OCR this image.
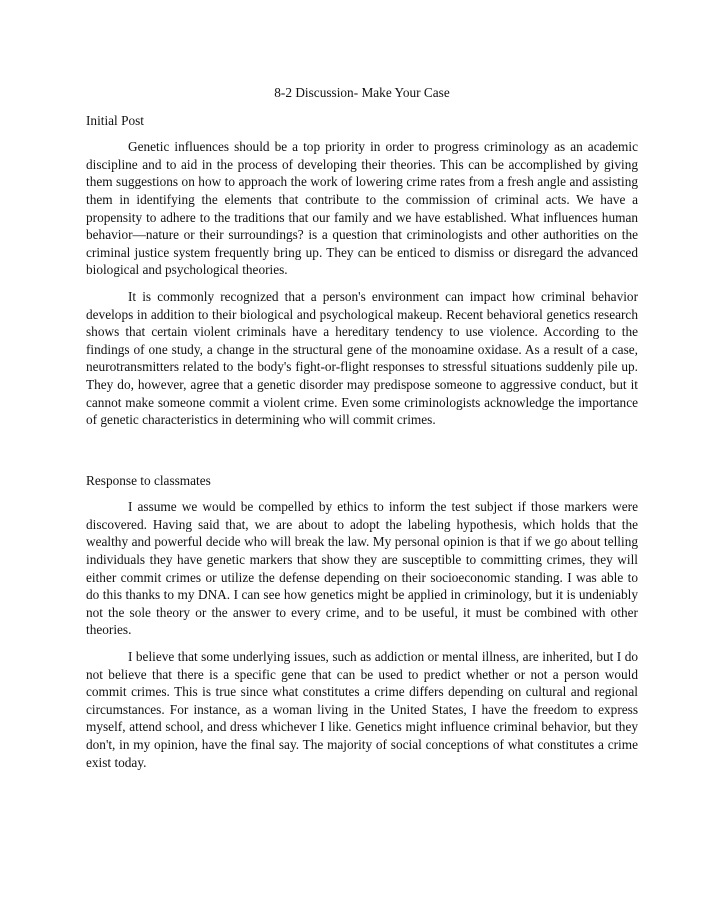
8-2 Discussion- Make Your Case
Initial Post

Genetic influences should be a top priority in order to progress criminology as an academic discipline and to aid in the process of developing their theories. This can be accomplished by giving them suggestions on how to approach the work of lowering crime rates from a fresh angle and assisting them in identifying the elements that contribute to the commission of criminal acts. We have a propensity to adhere to the traditions that our family and we have established. What influences human behavior—nature or their surroundings? is a question that criminologists and other authorities on the criminal justice system frequently bring up. They can be enticed to dismiss or disregard the advanced biological and psychological theories.

It is commonly recognized that a person's environment can impact how criminal behavior develops in addition to their biological and psychological makeup. Recent behavioral genetics research shows that certain violent criminals have a hereditary tendency to use violence. According to the findings of one study, a change in the structural gene of the monoamine oxidase. As a result of a case, neurotransmitters related to the body's fight-or-flight responses to stressful situations suddenly pile up. They do, however, agree that a genetic disorder may predispose someone to aggressive conduct, but it cannot make someone commit a violent crime. Even some criminologists acknowledge the importance of genetic characteristics in determining who will commit crimes.

Response to classmates

I assume we would be compelled by ethics to inform the test subject if those markers were discovered. Having said that, we are about to adopt the labeling hypothesis, which holds that the wealthy and powerful decide who will break the law. My personal opinion is that if we go about telling individuals they have genetic markers that show they are susceptible to committing crimes, they will either commit crimes or utilize the defense depending on their socioeconomic standing. I was able to do this thanks to my DNA. I can see how genetics might be applied in criminology, but it is undeniably not the sole theory or the answer to every crime, and to be useful, it must be combined with other theories.

I believe that some underlying issues, such as addiction or mental illness, are inherited, but I do not believe that there is a specific gene that can be used to predict whether or not a person would commit crimes. This is true since what constitutes a crime differs depending on cultural and regional circumstances. For instance, as a woman living in the United States, I have the freedom to express myself, attend school, and dress whichever I like. Genetics might influence criminal behavior, but they don't, in my opinion, have the final say. The majority of social conceptions of what constitutes a crime exist today.
